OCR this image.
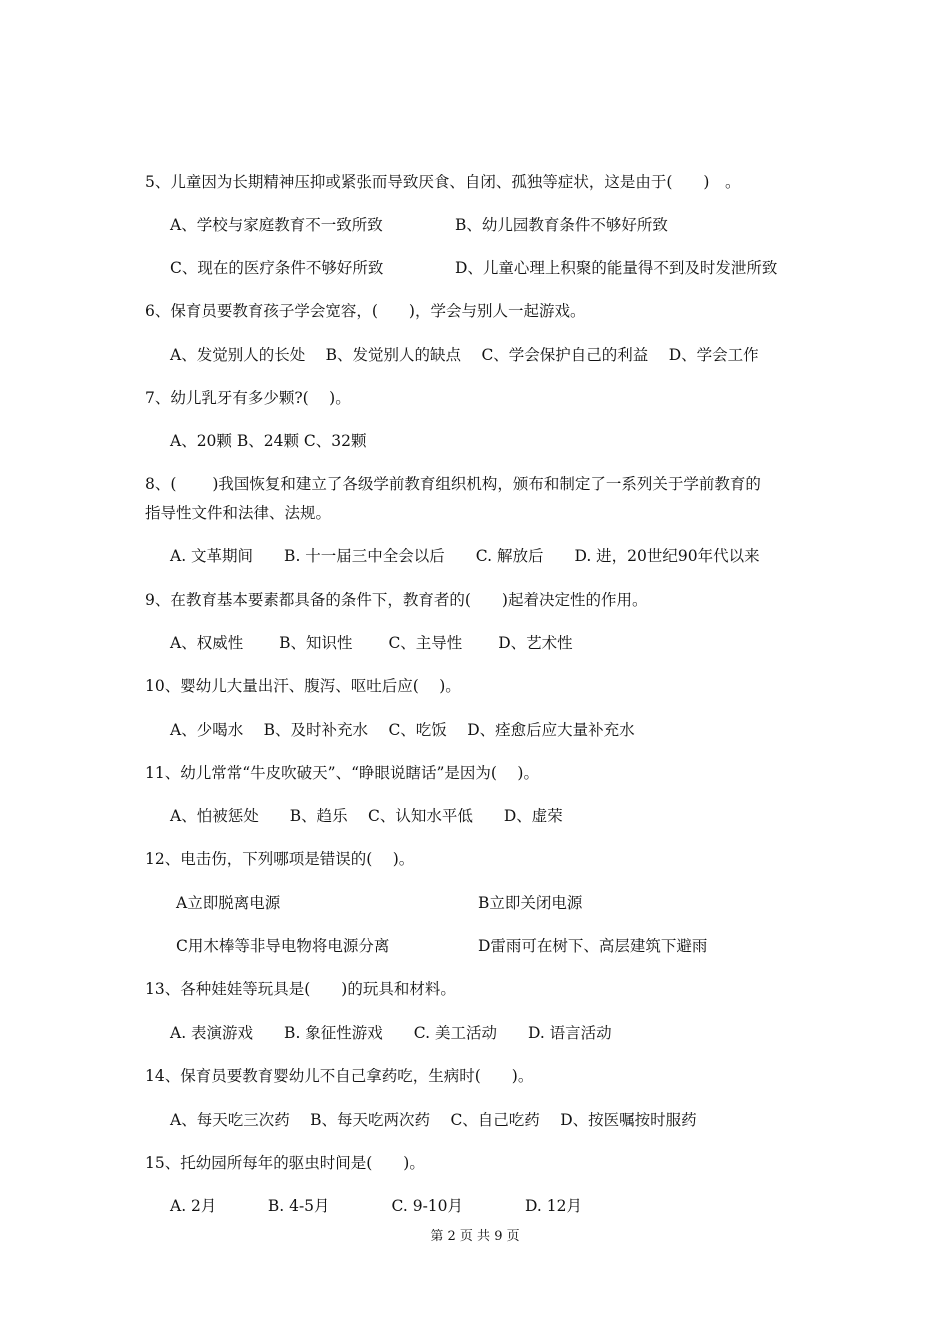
5、儿童因为长期精神压抑或紧张而导致厌食、自闭、孤独等症状，这是由于(　　)　。
A、学校与家庭教育不一致所致	B、幼儿园教育条件不够好所致
C、现在的医疗条件不够好所致	D、儿童心理上积聚的能量得不到及时发泄所致
6、保育员要教育孩子学会宽容，(　　)，学会与别人一起游戏。
A、发觉别人的长处　 B、发觉别人的缺点　 C、学会保护自己的利益　 D、学会工作
7、幼儿乳牙有多少颗?(　 )。
A、20颗 B、24颗 C、32颗
8、(　　 )我国恢复和建立了各级学前教育组织机构，颁布和制定了一系列关于学前教育的
指导性文件和法律、法规。
A. 文革期间　　B. 十一届三中全会以后　　C. 解放后　　D. 进，20世纪90年代以来
9、在教育基本要素都具备的条件下，教育者的(　　)起着决定性的作用。
A、权威性　　 B、知识性　　 C、主导性　　 D、艺术性
10、婴幼儿大量出汗、腹泻、呕吐后应(　 )。
A、少喝水　 B、及时补充水　 C、吃饭　 D、痊愈后应大量补充水
11、幼儿常常“牛皮吹破天”、“睁眼说瞎话”是因为(　 )。
A、怕被惩处　　B、趋乐　 C、认知水平低　　D、虚荣
12、电击伤，下列哪项是错误的(　 )。
A立即脱离电源	B立即关闭电源
C用木棒等非导电物将电源分离	D雷雨可在树下、高层建筑下避雨
13、各种娃娃等玩具是(　　)的玩具和材料。
A. 表演游戏　　B. 象征性游戏　　C. 美工活动　　D. 语言活动
14、保育员要教育婴幼儿不自己拿药吃，生病时(　　)。
A、每天吃三次药　 B、每天吃两次药　 C、自己吃药　 D、按医嘱按时服药
15、托幼园所每年的驱虫时间是(　　)。
A. 2月　　　 B. 4-5月　　　　C. 9-10月　　　　D. 12月
第 2 页 共 9 页
